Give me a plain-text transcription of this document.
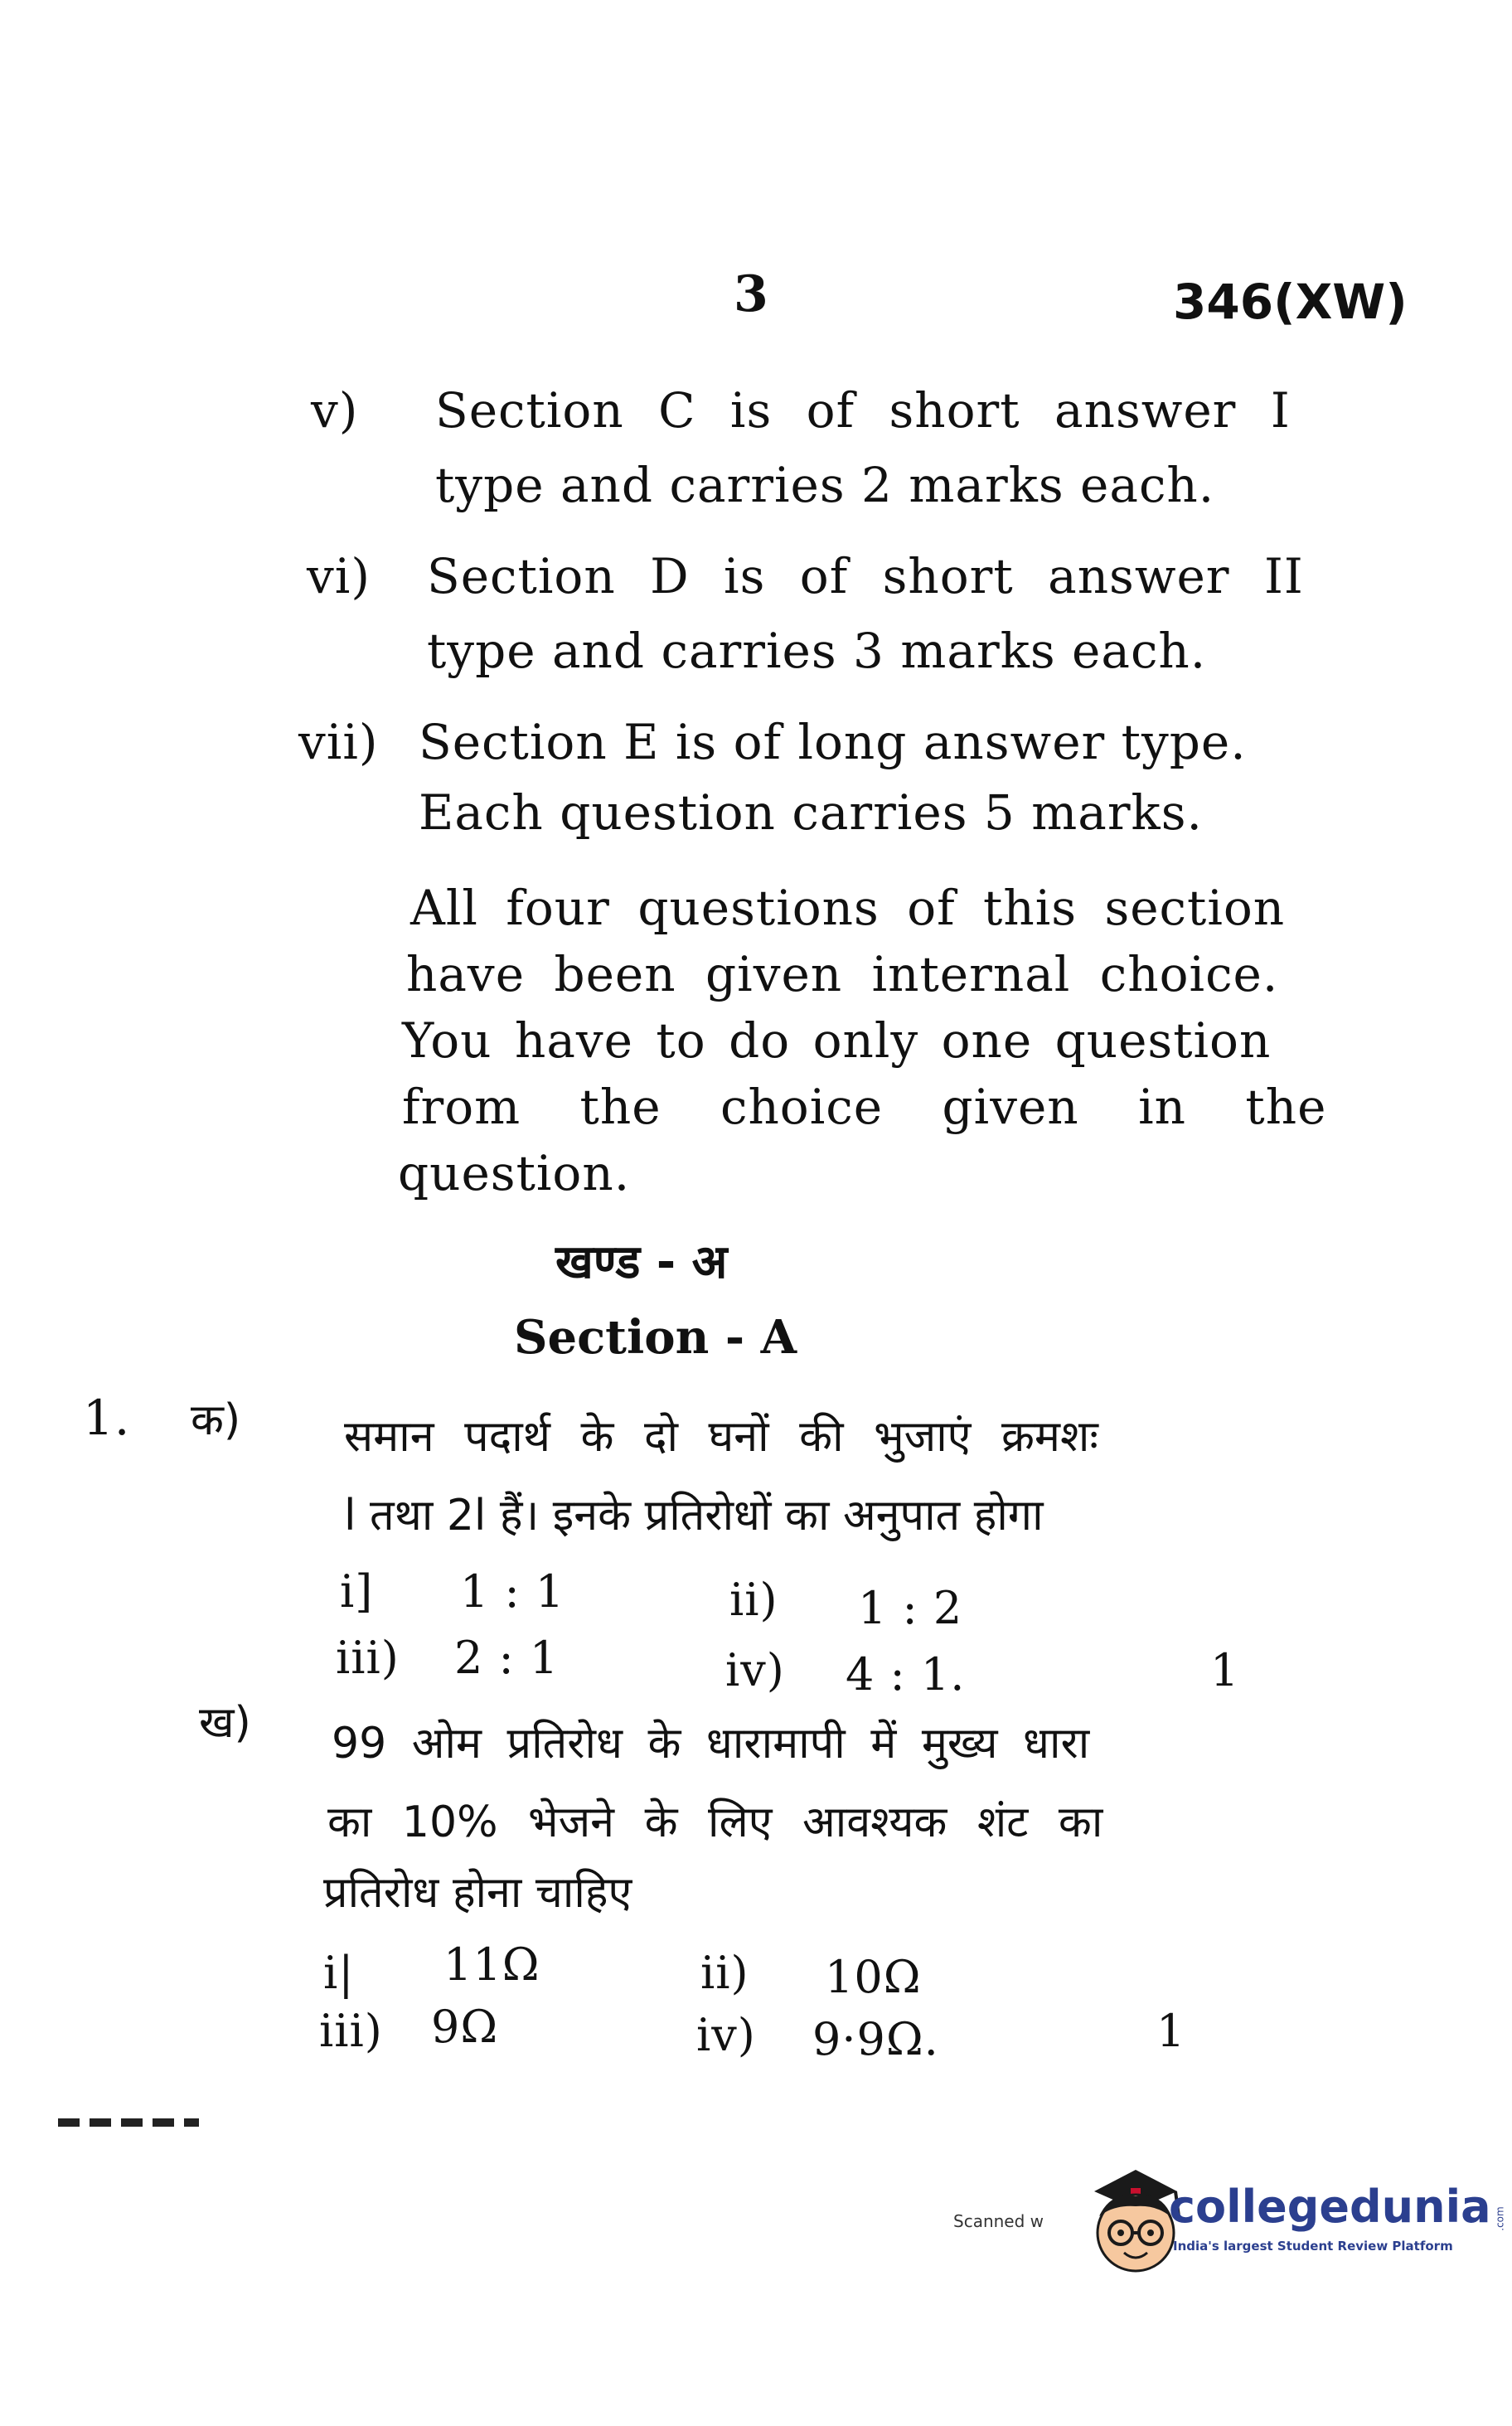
3	346(XW)
v) Section C is of short answer I
type and carries 2 marks each.
vi) Section D is of short answer II
type and carries 3 marks each.
vii) Section E is of long answer type.
Each question carries 5 marks.
All four questions of this section
have been given internal choice.
You have to do only one question
from the choice given in the
question.
खण्ड - अ
Section - A
1. क) समान पदार्थ के दो घनों की भुजाएं क्रमशः
l तथा 2l हैं। इनके प्रतिरोधों का अनुपात होगा
i] 1 : 1	ii) 1 : 2
iii) 2 : 1	iv) 4 : 1.	1
ख) 99 ओम प्रतिरोध के धारामापी में मुख्य धारा
का 10% भेजने के लिए आवश्यक शंट का
प्रतिरोध होना चाहिए
i| 11Ω	ii) 10Ω
iii) 9Ω	iv) 9·9Ω.	1
Scanned w	collegedunia .com
India's largest Student Review Platform
